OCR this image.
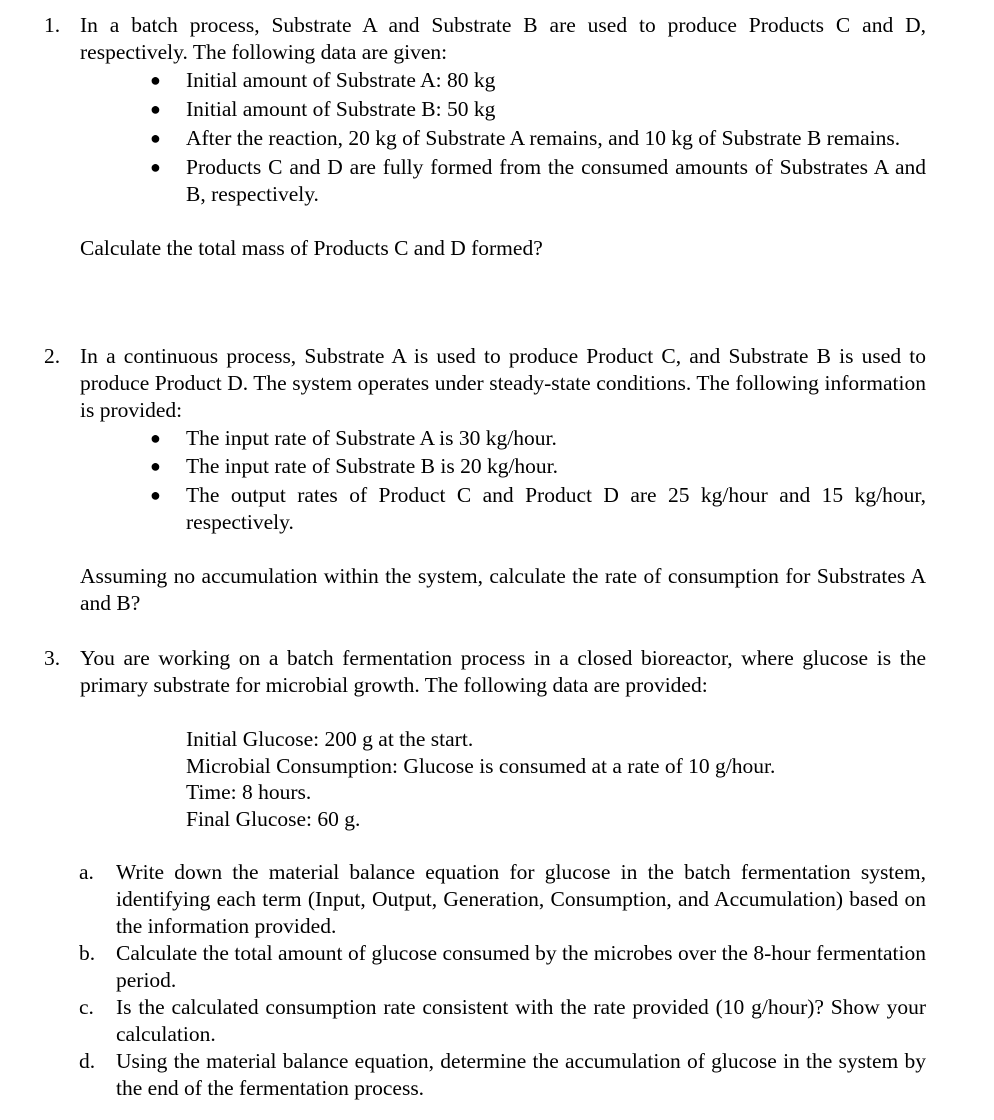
1. In a batch process, Substrate A and Substrate B are used to produce Products C and D, respectively. The following data are given:
● Initial amount of Substrate A: 80 kg
● Initial amount of Substrate B: 50 kg
● After the reaction, 20 kg of Substrate A remains, and 10 kg of Substrate B remains.
● Products C and D are fully formed from the consumed amounts of Substrates A and B, respectively.
Calculate the total mass of Products C and D formed?
2. In a continuous process, Substrate A is used to produce Product C, and Substrate B is used to produce Product D. The system operates under steady-state conditions. The following information is provided:
● The input rate of Substrate A is 30 kg/hour.
● The input rate of Substrate B is 20 kg/hour.
● The output rates of Product C and Product D are 25 kg/hour and 15 kg/hour, respectively.
Assuming no accumulation within the system, calculate the rate of consumption for Substrates A and B?
3. You are working on a batch fermentation process in a closed bioreactor, where glucose is the primary substrate for microbial growth. The following data are provided:
Initial Glucose: 200 g at the start.
Microbial Consumption: Glucose is consumed at a rate of 10 g/hour.
Time: 8 hours.
Final Glucose: 60 g.
a. Write down the material balance equation for glucose in the batch fermentation system, identifying each term (Input, Output, Generation, Consumption, and Accumulation) based on the information provided.
b. Calculate the total amount of glucose consumed by the microbes over the 8-hour fermentation period.
c. Is the calculated consumption rate consistent with the rate provided (10 g/hour)? Show your calculation.
d. Using the material balance equation, determine the accumulation of glucose in the system by the end of the fermentation process.
